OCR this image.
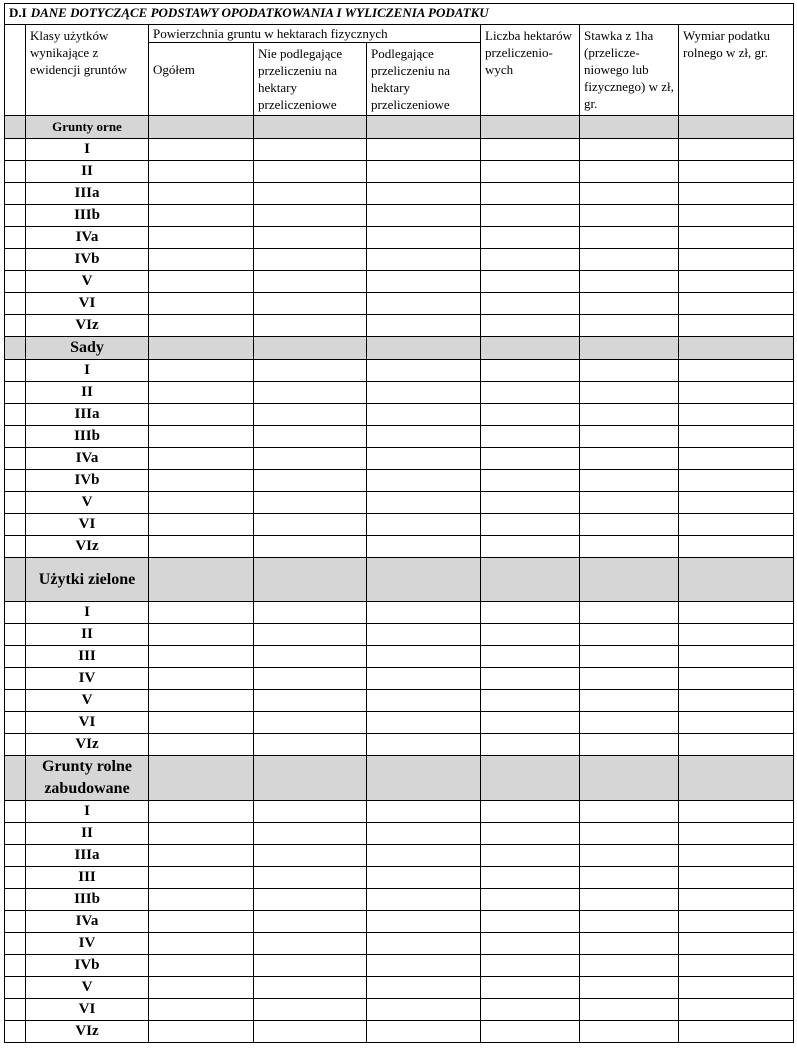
D.I DANE DOTYCZĄCE PODSTAWY OPODATKOWANIA I WYLICZENIA PODATKU							
	Klasy użytków wynikające z ewidencji gruntów	Powierzchnia gruntu w hektarach fizycznych			Liczba hektarów przeliczenio-wych	Stawka z 1ha (przelicze-niowego lub fizycznego) w zł, gr.	Wymiar podatku rolnego w zł, gr.
		Ogółem	Nie podlegające przeliczeniu na hektary przeliczeniowe	Podlegające przeliczeniu na hektary przeliczeniowe			
	Grunty orne						
	I						
	II						
	IIIa						
	IIIb						
	IVa						
	IVb						
	V						
	VI						
	VIz						
	Sady						
	I						
	II						
	IIIa						
	IIIb						
	IVa						
	IVb						
	V						
	VI						
	VIz						
	Użytki zielone						
	I						
	II						
	III						
	IV						
	V						
	VI						
	VIz						
	Grunty rolne zabudowane						
	I						
	II						
	IIIa						
	III						
	IIIb						
	IVa						
	IV						
	IVb						
	V						
	VI						
	VIz						
